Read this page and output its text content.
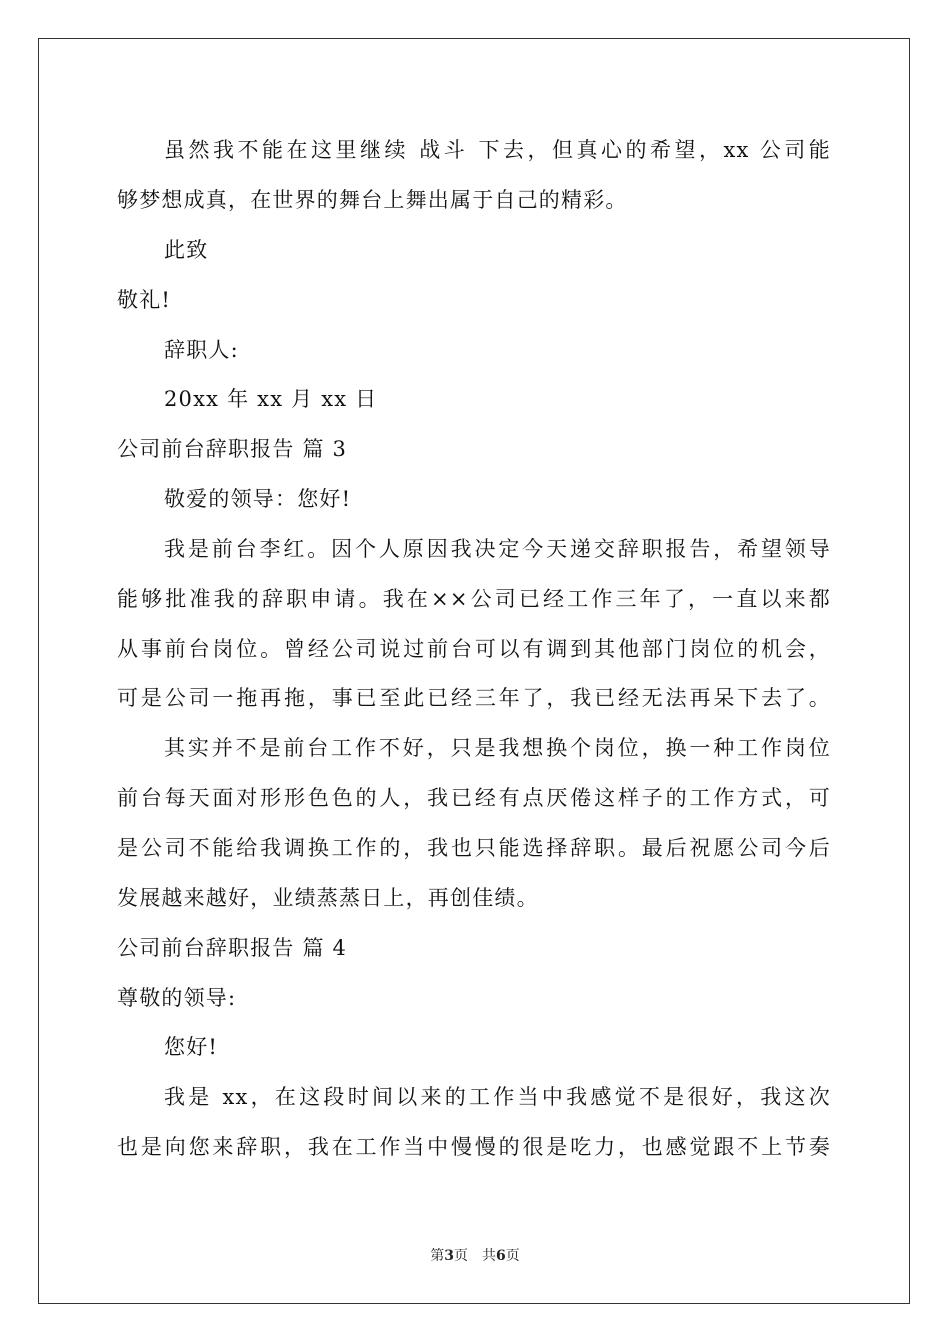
虽然我不能在这里继续 战斗 下去，但真心的希望，xx 公司能
够梦想成真，在世界的舞台上舞出属于自己的精彩。
此致
敬礼!
辞职人:
20xx 年 xx 月 xx 日
公司前台辞职报告 篇 3
敬爱的领导：您好!
我是前台李红。因个人原因我决定今天递交辞职报告，希望领导
能够批准我的辞职申请。我在××公司已经工作三年了，一直以来都
从事前台岗位。曾经公司说过前台可以有调到其他部门岗位的机会，
可是公司一拖再拖，事已至此已经三年了，我已经无法再呆下去了。
其实并不是前台工作不好，只是我想换个岗位，换一种工作岗位
前台每天面对形形色色的人，我已经有点厌倦这样子的工作方式，可
是公司不能给我调换工作的，我也只能选择辞职。最后祝愿公司今后
发展越来越好，业绩蒸蒸日上，再创佳绩。
公司前台辞职报告 篇 4
尊敬的领导:
您好!
我是 xx，在这段时间以来的工作当中我感觉不是很好，我这次
也是向您来辞职，我在工作当中慢慢的很是吃力，也感觉跟不上节奏
第3页　共6页
